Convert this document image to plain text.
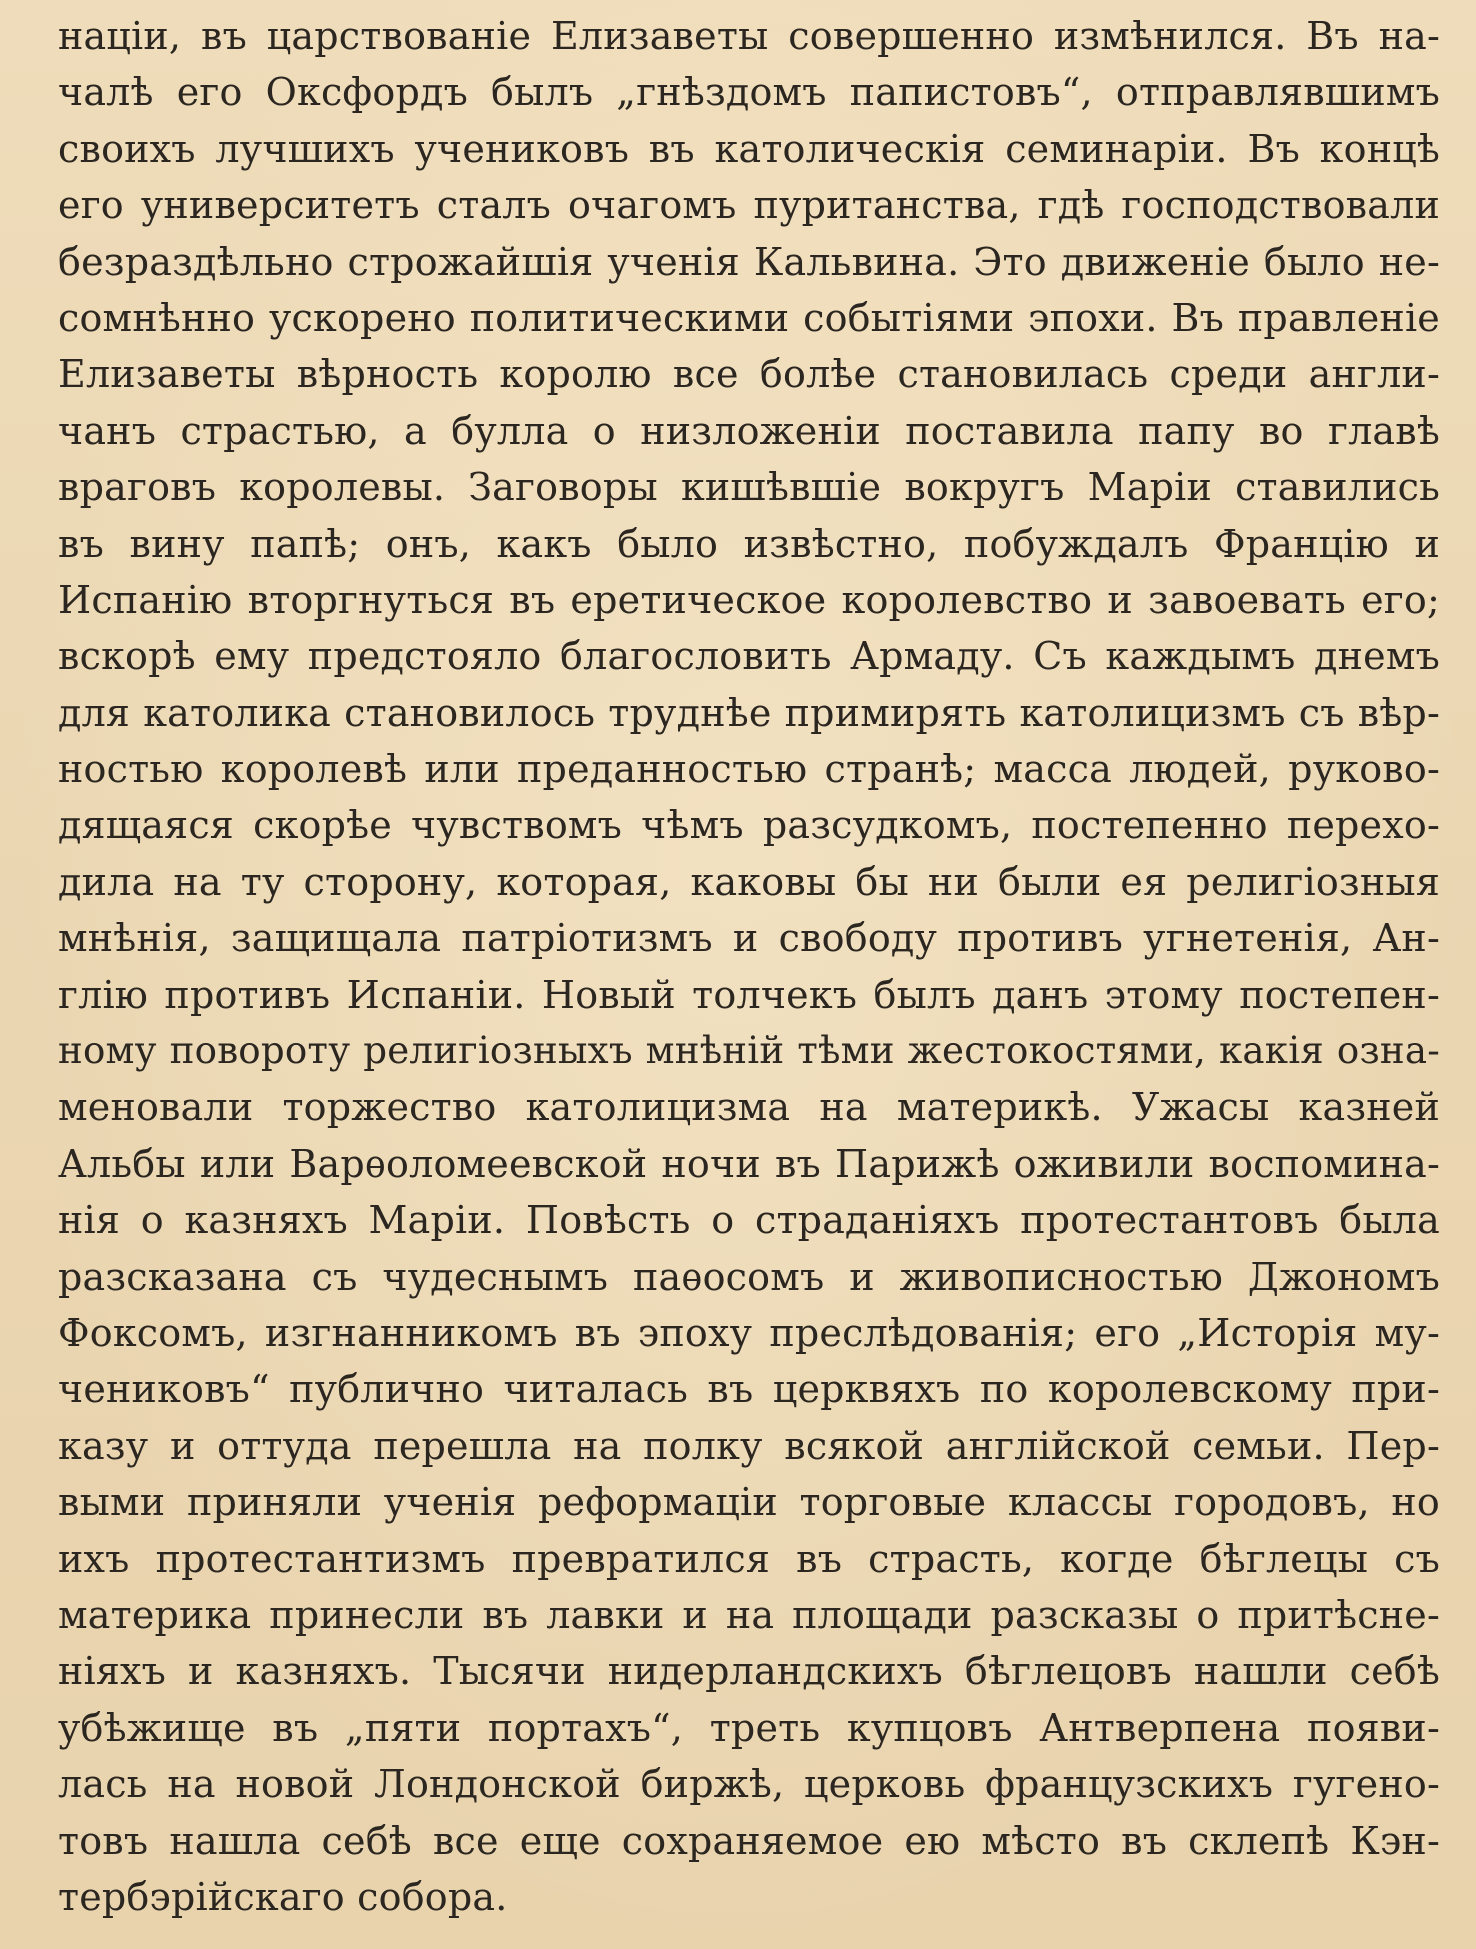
націи, въ царствованіе Елизаветы совершенно измѣнился. Въ на-
чалѣ его Оксфордъ былъ „гнѣздомъ папистовъ“, отправлявшимъ
своихъ лучшихъ учениковъ въ католическія семинаріи. Въ концѣ
его университетъ сталъ очагомъ пуританства, гдѣ господствовали
безраздѣльно строжайшія ученія Кальвина. Это движеніе было не-
сомнѣнно ускорено политическими событіями эпохи. Въ правленіе
Елизаветы вѣрность королю все болѣе становилась среди англи-
чанъ страстью, а булла о низложеніи поставила папу во главѣ
враговъ королевы. Заговоры кишѣвшіе вокругъ Маріи ставились
въ вину папѣ; онъ, какъ было извѣстно, побуждалъ Францію и
Испанію вторгнуться въ еретическое королевство и завоевать его;
вскорѣ ему предстояло благословить Армаду. Съ каждымъ днемъ
для католика становилось труднѣе примирять католицизмъ съ вѣр-
ностью королевѣ или преданностью странѣ; масса людей, руково-
дящаяся скорѣе чувствомъ чѣмъ разсудкомъ, постепенно перехо-
дила на ту сторону, которая, каковы бы ни были ея религіозныя
мнѣнія, защищала патріотизмъ и свободу противъ угнетенія, Ан-
глію противъ Испаніи. Новый толчекъ былъ данъ этому постепен-
ному повороту религіозныхъ мнѣній тѣми жестокостями, какія озна-
меновали торжество католицизма на материкѣ. Ужасы казней
Альбы или Варѳоломеевской ночи въ Парижѣ оживили воспомина-
нія о казняхъ Маріи. Повѣсть о страданіяхъ протестантовъ была
разсказана съ чудеснымъ паѳосомъ и живописностью Джономъ
Фоксомъ, изгнанникомъ въ эпоху преслѣдованія; его „Исторія му-
чениковъ“ публично читалась въ церквяхъ по королевскому при-
казу и оттуда перешла на полку всякой англійской семьи. Пер-
выми приняли ученія реформаціи торговые классы городовъ, но
ихъ протестантизмъ превратился въ страсть, когде бѣглецы съ
материка принесли въ лавки и на площади разсказы о притѣсне-
ніяхъ и казняхъ. Тысячи нидерландскихъ бѣглецовъ нашли себѣ
убѣжище въ „пяти портахъ“, треть купцовъ Антверпена появи-
лась на новой Лондонской биржѣ, церковь французскихъ гугено-
товъ нашла себѣ все еще сохраняемое ею мѣсто въ склепѣ Кэн-
тербэрійскаго собора.
